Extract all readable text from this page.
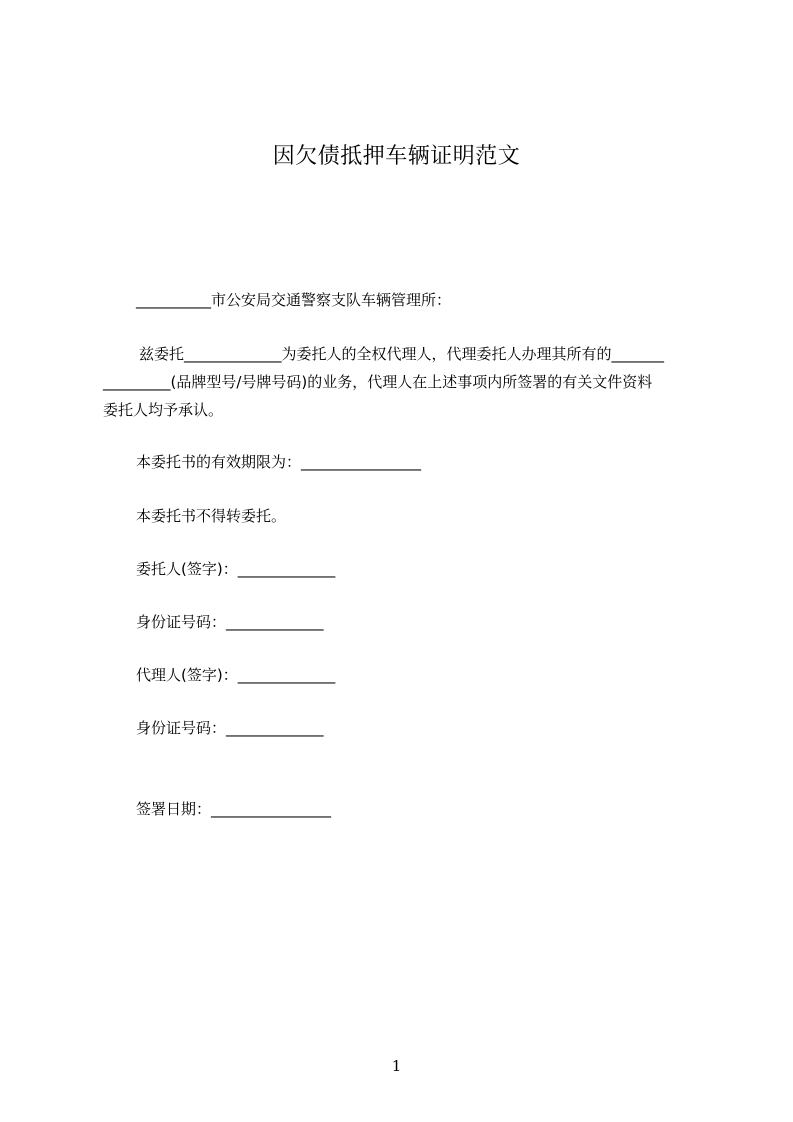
因欠债抵押车辆证明范文
__________市公安局交通警察支队车辆管理所：

兹委托_____________为委托人的全权代理人，代理委托人办理其所有的_______

_________(品牌型号/号牌号码)的业务，代理人在上述事项内所签署的有关文件资料

委托人均予承认。

本委托书的有效期限为：________________
本委托书不得转委托。
委托人(签字)：_____________
身份证号码：_____________
代理人(签字)：_____________
身份证号码：_____________
签署日期：________________
1
